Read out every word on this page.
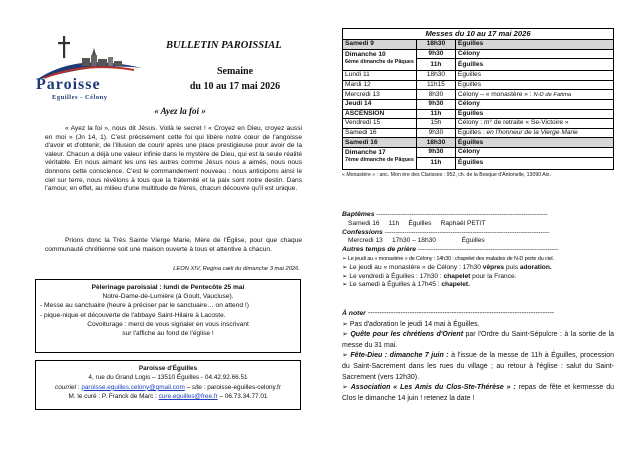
Paroisse
Eguilles - Célony
BULLETIN PAROISSIAL
Semaine
du 10 au 17 mai 2026
« Ayez la foi »
« Ayez la foi », nous dit Jésus. Voilà le secret ! « Croyez en Dieu, croyez aussi en moi » (Jn 14, 1). C'est précisément cette foi qui libère notre cœur de l'angoisse d'avoir et d'obtenir, de l'illusion de courir après une place prestigieuse pour avoir de la valeur. Chacun a déjà une valeur infinie dans le mystère de Dieu, qui est la seule réalité véritable. En nous aimant les uns les autres comme Jésus nous a aimés, nous nous donnons cette conscience. C'est le commandement nouveau : nous anticipons ainsi le ciel sur terre, nous révélons à tous que la fraternité et la paix sont notre destin. Dans l'amour, en effet, au milieu d'une multitude de frères, chacun découvre qu'il est unique.
Prions donc la Très Sainte Vierge Marie, Mère de l'Église, pour que chaque communauté chrétienne soit une maison ouverte à tous et attentive à chacun.
LEON XIV, Regina cæli du dimanche 3 mai 2026.
Pèlerinage paroissial : lundi de Pentecôte 25 mai
Notre-Dame-de-Lumière (à Goult, Vaucluse).
- Messe au sanctuaire (heure à préciser par le sanctuaire… on attend !)
- pique-nique et découverte de l'abbaye Saint-Hilaire à Lacoste.
Covoiturage : merci de vous signaler en vous inscrivant
sur l'affiche au fond de l'église !
Paroisse d'Éguilles
4, rue du Grand Logis – 13510 Éguilles - 04.42.92.66.51
courriel : paroisse.eguilles.celony@gmail.com – site : paroisse-eguilles-celony.fr
M. le curé : P. Franck de Marc : cure.eguilles@free.fr – 06.73.34.77.01
Messes du 10 au 17 mai 2026		
Samedi 9	18h30	Éguilles
Dimanche 10
6ème dimanche de Pâques	9h30	Célony
	11h	Éguilles
Lundi 11	18h30	Éguilles
Mardi 12	11h15	Éguilles
Mercredi 13	8h30	Célony – « monastère » : N-D de Fatima
Jeudi 14	9h30	Célony
ASCENSION	11h	Éguilles
Vendredi 15	15h	Célony : m° de retraite « Se-Victoire »
Samedi 16	9h30	Éguilles : en l'honneur de la Vierge Marie
Samedi 16	18h30	Éguilles
Dimanche 17
7ème dimanche de Pâques	9h30	Célony
	11h	Éguilles
« Monastère » : anc. Mon ère des Clarisses : 952, ch. de la Bosque d'Antonelle, 13090 Aix.
Baptêmes ------------------------------------------------------------------------------
Samedi 16     11h     Éguilles     Raphaël PETIT
Confessions ---------------------------------------------------------------------------
Mercredi 13     17h30 – 18h30              Éguilles
Autres temps de prière ----------------------------------------------------------------
➢ Le jeudi au « monastère » de Célony : 14h30 : chapelet des malades de N-D porte du ciel.
➢ Le jeudi au « monastère » de Célony : 17h30 vêpres puis adoration.
➢ Le vendredi à Éguilles : 17h30 : chapelet pour la France.
➢ Le samedi à Éguilles à 17h45 : chapelet.
À noter --------------------------------------------------------------------------------
➢ Pas d'adoration le jeudi 14 mai à Éguilles.
➢ Quête pour les chrétiens d'Orient par l'Ordre du Saint-Sépulcre : à la sortie de la messe du 31 mai.
➢ Fête-Dieu : dimanche 7 juin : à l'issue de la messe de 11h à Éguilles, procession du Saint-Sacrement dans les rues du village ; au retour à l'église : salut du Saint-Sacrement (vers 12h30).
➢ Association « Les Amis du Clos-Ste-Thérèse » : repas de fête et kermesse du Clos le dimanche 14 juin ! retenez la date !
